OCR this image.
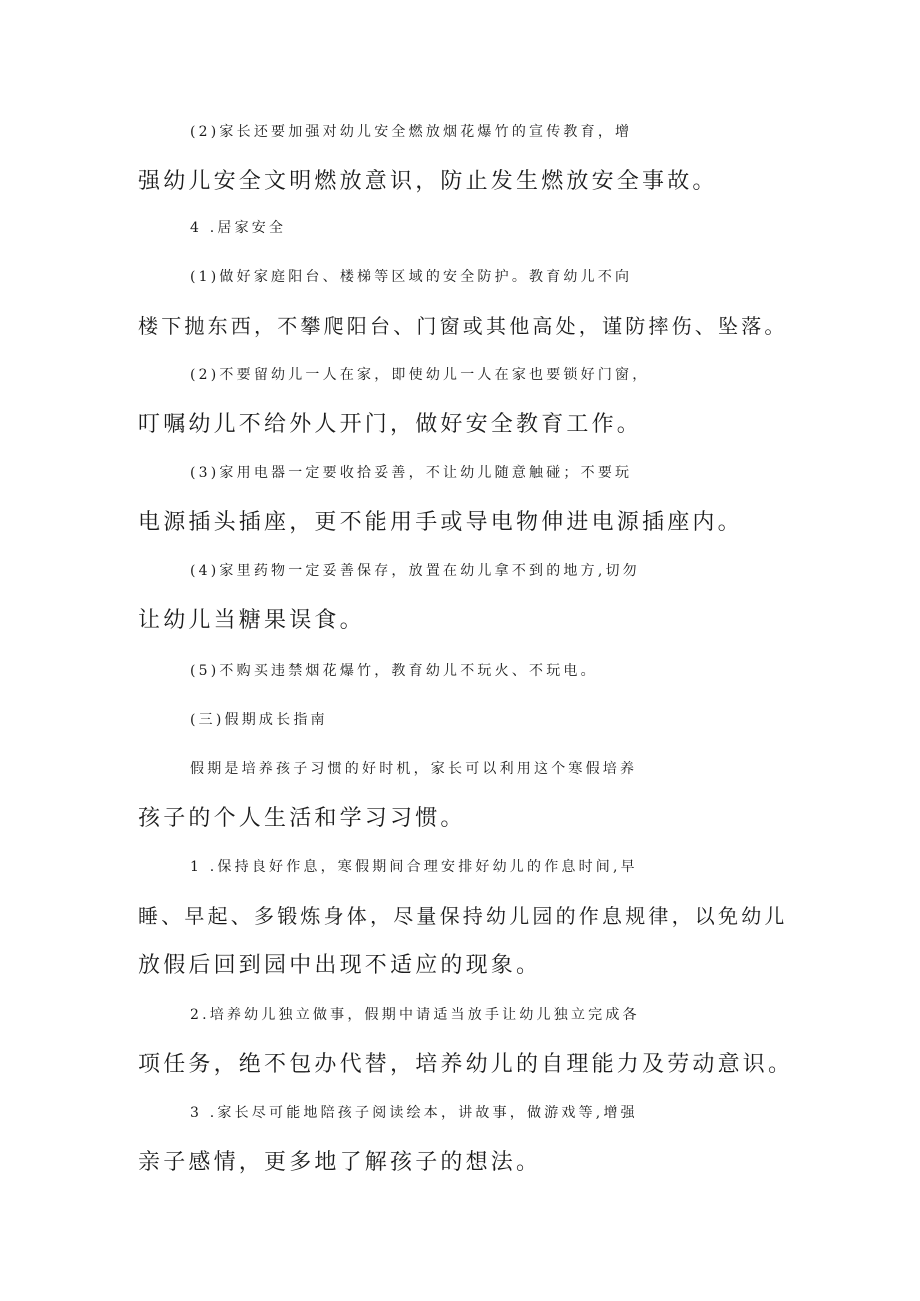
(2)家长还要加强对幼儿安全燃放烟花爆竹的宣传教育，增
强幼儿安全文明燃放意识，防止发生燃放安全事故。

4 .居家安全

(1)做好家庭阳台、楼梯等区域的安全防护。教育幼儿不向
楼下抛东西，不攀爬阳台、门窗或其他高处，谨防摔伤、坠落。

(2)不要留幼儿一人在家，即使幼儿一人在家也要锁好门窗，
叮嘱幼儿不给外人开门，做好安全教育工作。

(3)家用电器一定要收拾妥善，不让幼儿随意触碰；不要玩
电源插头插座，更不能用手或导电物伸进电源插座内。

(4)家里药物一定妥善保存，放置在幼儿拿不到的地方,切勿
让幼儿当糖果误食。

(5)不购买违禁烟花爆竹，教育幼儿不玩火、不玩电。

(三)假期成长指南

假期是培养孩子习惯的好时机，家长可以利用这个寒假培养
孩子的个人生活和学习习惯。

1 .保持良好作息，寒假期间合理安排好幼儿的作息时间,早
睡、早起、多锻炼身体，尽量保持幼儿园的作息规律，以免幼儿
放假后回到园中出现不适应的现象。

2.培养幼儿独立做事，假期中请适当放手让幼儿独立完成各
项任务，绝不包办代替，培养幼儿的自理能力及劳动意识。

3 .家长尽可能地陪孩子阅读绘本，讲故事，做游戏等,增强
亲子感情，更多地了解孩子的想法。
